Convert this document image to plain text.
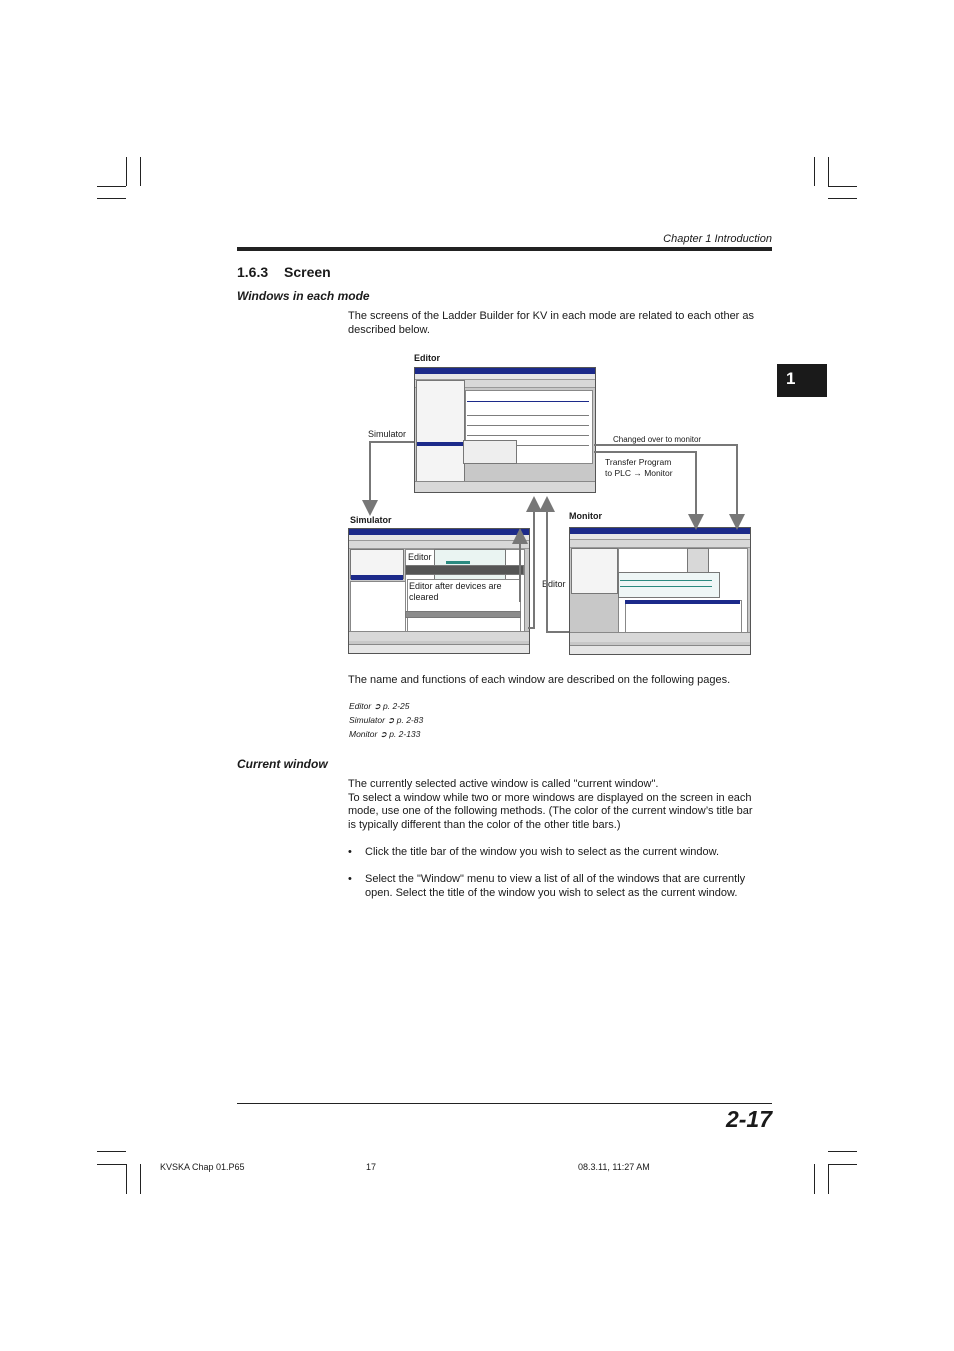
Chapter 1 Introduction
1
1.6.3 Screen
Windows in each mode
The screens of the Ladder Builder for KV in each mode are related to each other as described below.
Editor
Simulator
Changed over to monitor
Transfer Program
to PLC → Monitor
Simulator	Monitor
Editor
Editor after devices are
cleared
Editor
The name and functions of each window are described on the following pages.
Editor ➲ p. 2-25
Simulator ➲ p. 2-83
Monitor ➲ p. 2-133
Current window
The currently selected active window is called "current window".
To select a window while two or more windows are displayed on the screen in each
mode, use one of the following methods. (The color of the current window’s title bar
is typically different than the color of the other title bars.)
• Click the title bar of the window you wish to select as the current window.
• Select the "Window" menu to view a list of all of the windows that are currently
open. Select the title of the window you wish to select as the current window.
2-17
KVSKA Chap 01.P65	17	08.3.11, 11:27 AM
